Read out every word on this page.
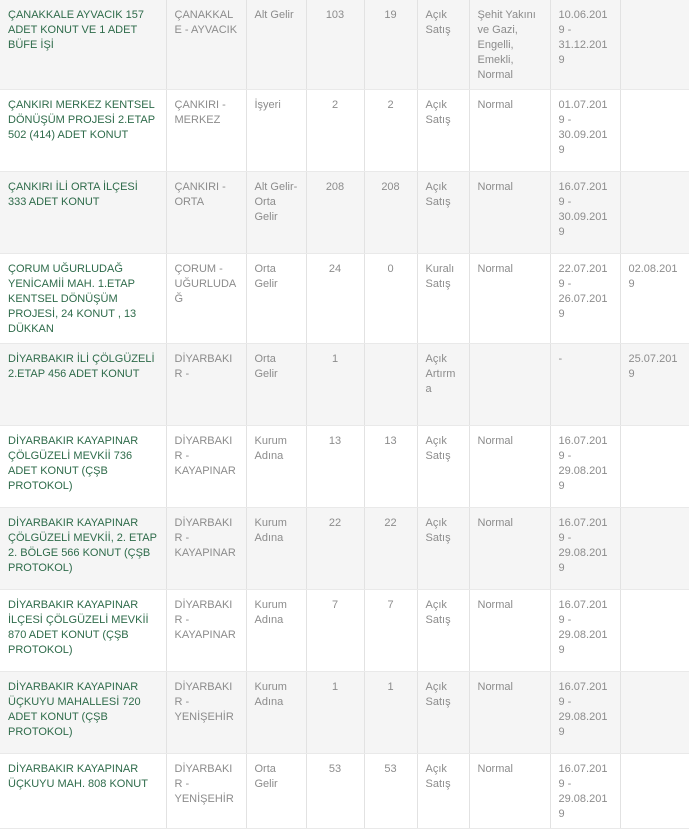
ÇANAKKALE AYVACIK 157 ADET KONUT VE 1 ADET BÜFE İŞİ	ÇANAKKALE - AYVACIK	Alt Gelir	103	19	Açık Satış	Şehit Yakını ve Gazi, Engelli, Emekli, Normal	10.06.2019 - 31.12.2019	
ÇANKIRI MERKEZ KENTSEL DÖNÜŞÜM PROJESİ 2.ETAP 502 (414) ADET KONUT	ÇANKIRI - MERKEZ	İşyeri	2	2	Açık Satış	Normal	01.07.2019 - 30.09.2019	
ÇANKIRI İLİ ORTA İLÇESİ 333 ADET KONUT	ÇANKIRI - ORTA	Alt Gelir-Orta Gelir	208	208	Açık Satış	Normal	16.07.2019 - 30.09.2019	
ÇORUM UĞURLUDAĞ YENİCAMİİ MAH. 1.ETAP KENTSEL DÖNÜŞÜM PROJESİ, 24 KONUT , 13 DÜKKAN	ÇORUM - UĞURLUDAĞ	Orta Gelir	24	0	Kuralı Satış	Normal	22.07.2019 - 26.07.2019	02.08.2019
DİYARBAKIR İLİ ÇÖLGÜZELİ 2.ETAP 456 ADET KONUT	DİYARBAKIR -	Orta Gelir	1		Açık Artırma		-	25.07.2019
DİYARBAKIR KAYAPINAR ÇÖLGÜZELİ MEVKİİ 736 ADET KONUT (ÇŞB PROTOKOL)	DİYARBAKIR - KAYAPINAR	Kurum Adına	13	13	Açık Satış	Normal	16.07.2019 - 29.08.2019	
DİYARBAKIR KAYAPINAR ÇÖLGÜZELİ MEVKİİ, 2. ETAP 2. BÖLGE 566 KONUT (ÇŞB PROTOKOL)	DİYARBAKIR - KAYAPINAR	Kurum Adına	22	22	Açık Satış	Normal	16.07.2019 - 29.08.2019	
DİYARBAKIR KAYAPINAR İLÇESİ ÇÖLGÜZELİ MEVKİİ 870 ADET KONUT (ÇŞB PROTOKOL)	DİYARBAKIR - KAYAPINAR	Kurum Adına	7	7	Açık Satış	Normal	16.07.2019 - 29.08.2019	
DİYARBAKIR KAYAPINAR ÜÇKUYU MAHALLESİ 720 ADET KONUT (ÇŞB PROTOKOL)	DİYARBAKIR - YENİŞEHİR	Kurum Adına	1	1	Açık Satış	Normal	16.07.2019 - 29.08.2019	
DİYARBAKIR KAYAPINAR ÜÇKUYU MAH. 808 KONUT	DİYARBAKIR - YENİŞEHİR	Orta Gelir	53	53	Açık Satış	Normal	16.07.2019 - 29.08.2019	
